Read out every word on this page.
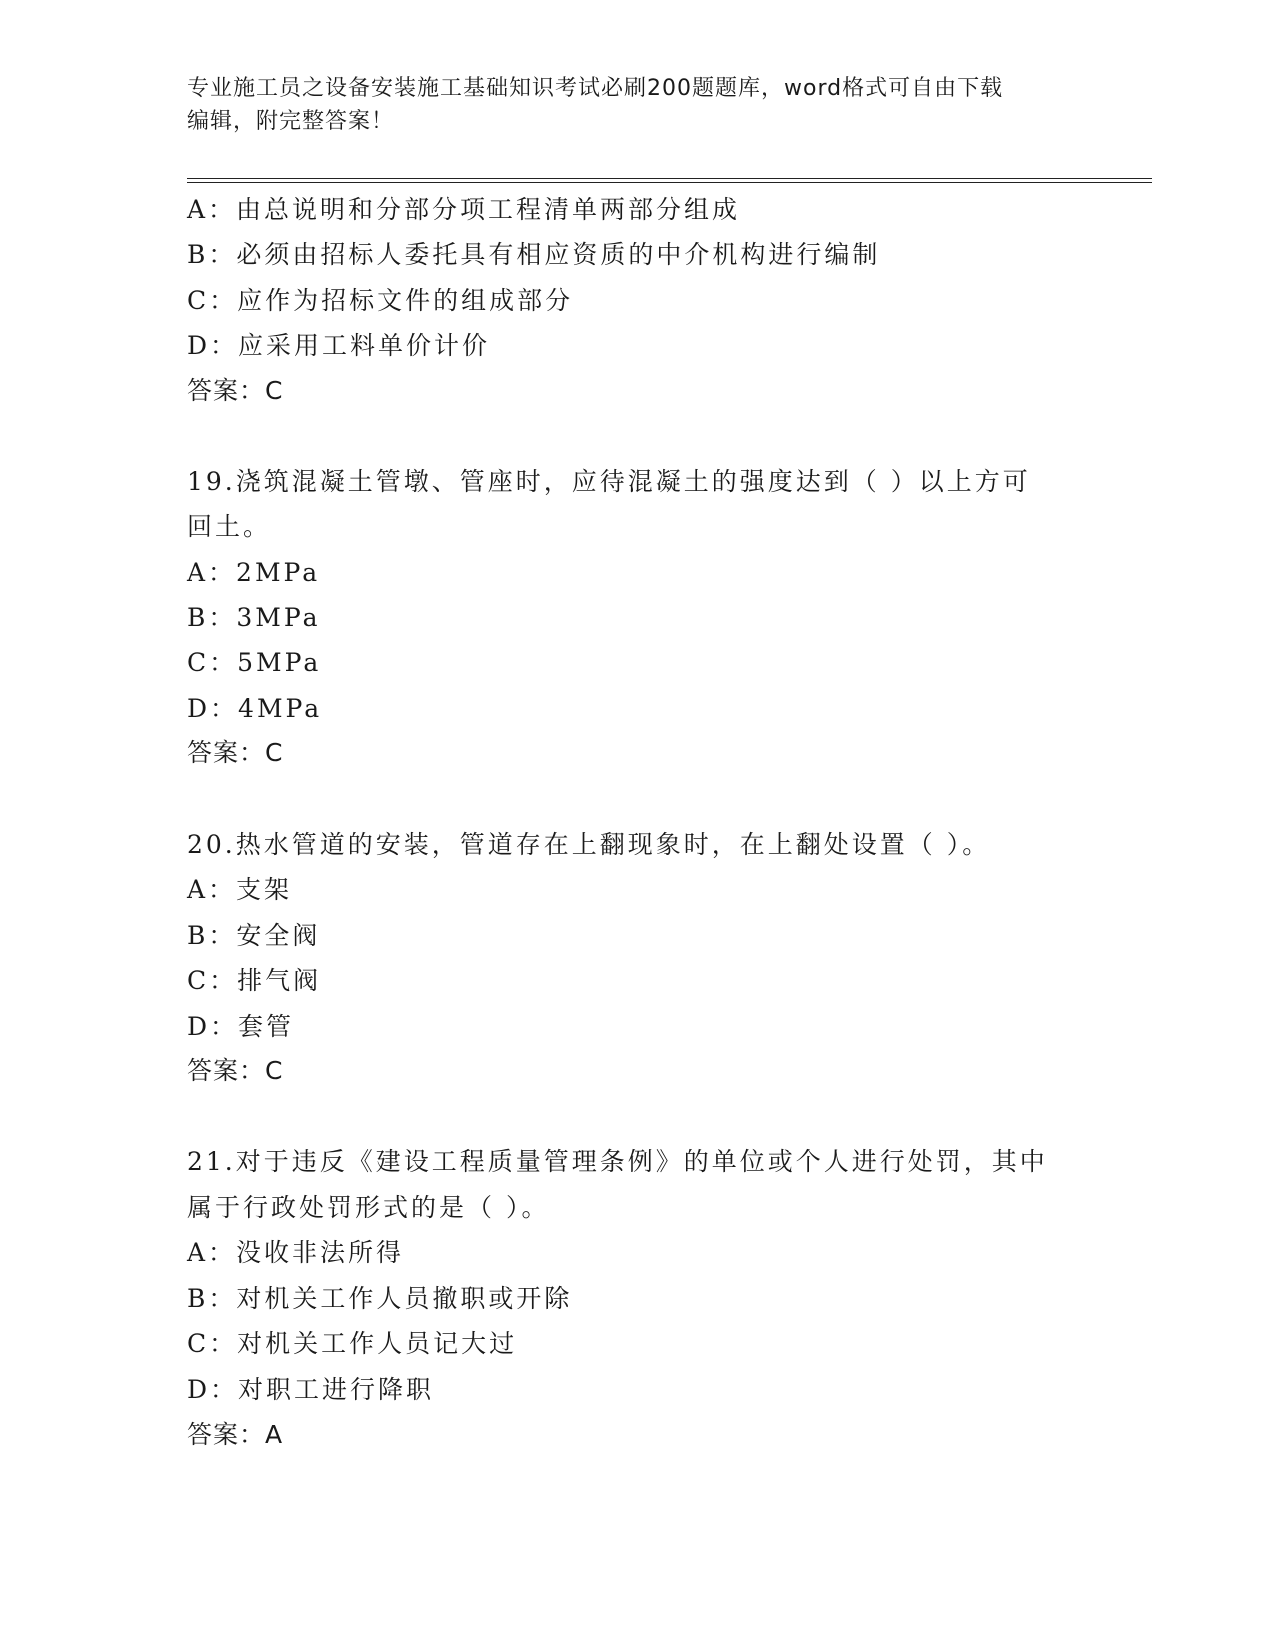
专业施工员之设备安装施工基础知识考试必刷200题题库，word格式可自由下载
编辑，附完整答案！
A：由总说明和分部分项工程清单两部分组成
B：必须由招标人委托具有相应资质的中介机构进行编制
C：应作为招标文件的组成部分
D：应采用工料单价计价
答案：C
19.浇筑混凝土管墩、管座时，应待混凝土的强度达到（ ）以上方可
回土。
A：2MPa
B：3MPa
C：5MPa
D：4MPa
答案：C
20.热水管道的安装，管道存在上翻现象时，在上翻处设置（ ）。
A：支架
B：安全阀
C：排气阀
D：套管
答案：C
21.对于违反《建设工程质量管理条例》的单位或个人进行处罚，其中
属于行政处罚形式的是（ ）。
A：没收非法所得
B：对机关工作人员撤职或开除
C：对机关工作人员记大过
D：对职工进行降职
答案：A
